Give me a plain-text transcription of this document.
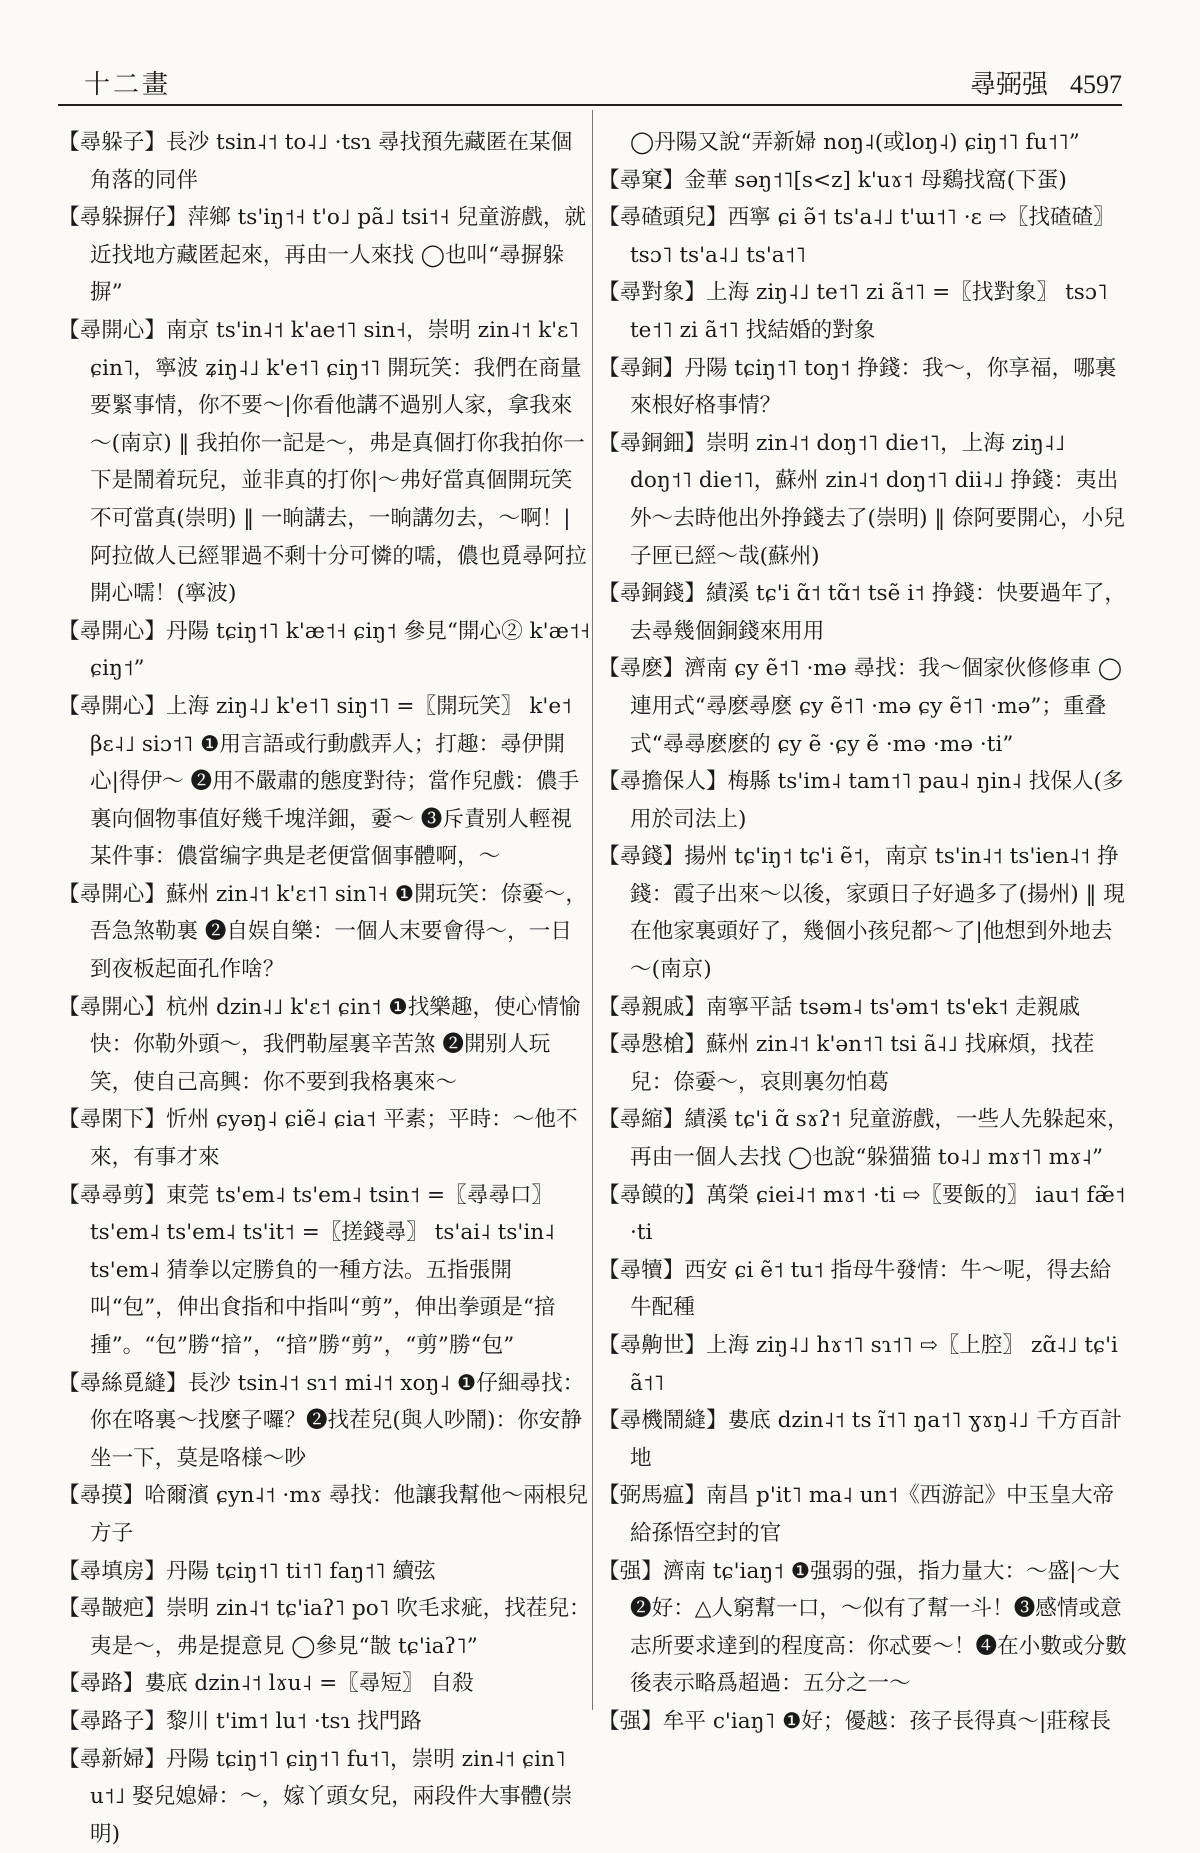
十二畫	尋弼强 4597

【尋躲子】長沙 tsin˨˦ to˨˩ ·tsɿ 尋找預先藏匿在某個角落的同伴

【尋躲摒仔】萍鄉 ts'iŋ˦˧ t'o˩ pã˩ tsi˦˧ 兒童游戲，就近找地方藏匿起來，再由一人來找 ◯也叫“尋摒躲摒”

【尋開心】南京 ts'in˨˦ k'ae˦˥ sin˧，崇明 zin˨˦ k'ɛ˥ ɕin˥，寧波 ʑiŋ˨˩ k'e˦˥ ɕiŋ˦˥ 開玩笑：我們在商量要緊事情，你不要～|你看他講不過别人家，拿我來～(南京) ‖ 我拍你一記是～，弗是真個打你我拍你一下是鬧着玩兒，並非真的打你|～弗好當真個開玩笑不可當真(崇明) ‖ 一晌講去，一晌講勿去，～啊！|阿拉做人已經罪過不剩十分可憐的嚅，儂也覓尋阿拉開心嚅！(寧波)

【尋開心】丹陽 tɕiŋ˦˥ k'æ˦˧ ɕiŋ˦ 參見“開心② k'æ˦˧ ɕiŋ˦”

【尋開心】上海 ziŋ˨˩ k'e˦˥ siŋ˦˥ =〖開玩笑〗 k'e˦ βɛ˨˩ siɔ˦˥ ❶用言語或行動戲弄人；打趣：尋伊開心|得伊～ ❷用不嚴肅的態度對待；當作兒戲：儂手裏向個物事值好幾千塊洋鈿，嫑～ ❸斥責别人輕視某件事：儂當编字典是老便當個事體啊，～

【尋開心】蘇州 zin˨˦ k'ɛ˦˥ sin˥˧ ❶開玩笑：倷嫑～，吾急煞勒裏 ❷自娱自樂：一個人末要會得～，一日到夜板起面孔作啥？

【尋開心】杭州 dzin˨˩ k'ɛ˦ ɕin˦ ❶找樂趣，使心情愉快：你勒外頭～，我們勒屋裏辛苦煞 ❷開别人玩笑，使自己高興：你不要到我格裏來～

【尋閑下】忻州 ɕyəŋ˨ ɕiẽ˨ ɕia˦ 平素；平時：～他不來，有事才來

【尋尋剪】東莞 ts'em˨ ts'em˨ tsin˦ =〖尋尋口〗 ts'em˨ ts'em˨ ts'it˦ =〖搓錢尋〗 ts'ai˨ ts'in˨ ts'em˨ 猜拳以定勝負的一種方法。五指張開叫“包”，伸出食指和中指叫“剪”，伸出拳頭是“揞揰”。“包”勝“揞”，“揞”勝“剪”，“剪”勝“包”

【尋絲覓縫】長沙 tsin˨˦ sɿ˦ mi˨˦ xoŋ˨ ❶仔細尋找：你在咯裏～找麼子囉？❷找茬兒(與人吵鬧)：你安静坐一下，莫是咯様～吵

【尋摸】哈爾濱 ɕyn˨˦ ·mɤ 尋找：他讓我幫他～兩根兒方子

【尋填房】丹陽 tɕiŋ˦˥ ti˦˥ faŋ˦˥ 續弦

【尋皵疤】崇明 zin˨˦ tɕ'iaʔ˥ po˥ 吹毛求疵，找茬兒：夷是～，弗是提意見 ◯參見“皵 tɕ'iaʔ˥”

【尋路】婁底 dzin˨˦ lɤu˨ =〖尋短〗 自殺

【尋路子】黎川 t'im˦ lu˦ ·tsɿ 找門路

【尋新婦】丹陽 tɕiŋ˦˥ ɕiŋ˦˥ fu˦˥，崇明 zin˨˦ ɕin˥ u˦˩ 娶兒媳婦：～，嫁丫頭女兒，兩段件大事體(崇明)

◯丹陽又說“弄新婦 noŋ˨(或loŋ˨) ɕiŋ˦˥ fu˦˥”

【尋窠】金華 səŋ˦˥[s<z] k'uɤ˦ 母鷄找窩(下蛋)

【尋碴頭兒】西寧 ɕi ə̃˦ ts'a˨˩ t'ɯ˦˥ ·ɛ ⇨〖找碴碴〗 tsɔ˥ ts'a˨˩ ts'a˦˥

【尋對象】上海 ziŋ˨˩ te˦˥ zi ã˦˥ =〖找對象〗 tsɔ˥ te˦˥ zi ã˦˥ 找結婚的對象

【尋銅】丹陽 tɕiŋ˦˥ toŋ˦ 挣錢：我～，你享福，哪裏來根好格事情？

【尋銅鈿】崇明 zin˨˦ doŋ˦˥ die˦˥，上海 ziŋ˨˩ doŋ˦˥ die˦˥，蘇州 zin˨˦ doŋ˦˥ dii˨˩ 挣錢：夷出外～去時他出外挣錢去了(崇明) ‖ 倷阿要開心，小兒子匣已經～哉(蘇州)

【尋銅錢】績溪 tɕ'i ɑ̃˦ tɑ̃˦ tsẽ i˦ 挣錢：快要過年了，去尋幾個銅錢來用用

【尋麽】濟南 ɕy ẽ˦˥ ·mə 尋找：我～個家伙修修車 ◯連用式“尋麽尋麽 ɕy ẽ˦˥ ·mə ɕy ẽ˦˥ ·mə”；重叠式“尋尋麽麽的 ɕy ẽ ·ɕy ẽ ·mə ·mə ·ti”

【尋擔保人】梅縣 ts'im˨ tam˦˥ pau˨ ŋin˨ 找保人(多用於司法上)

【尋錢】揚州 tɕ'iŋ˦ tɕ'i ẽ˦，南京 ts'in˨˦ ts'ien˨˦ 挣錢：霞子出來～以後，家頭日子好過多了(揚州) ‖ 現在他家裏頭好了，幾個小孩兒都～了|他想到外地去～(南京)

【尋親戚】南寧平話 tsəm˨ ts'əm˦ ts'ek˦ 走親戚

【尋慇槍】蘇州 zin˨˦ k'ən˦˥ tsi ã˨˩ 找麻煩，找茬兒：倷嫑～，哀則裏勿怕葛

【尋縮】績溪 tɕ'i ɑ̃ sɤʔ˦ 兒童游戲，一些人先躲起來，再由一個人去找 ◯也說“躲猫猫 to˨˩ mɤ˦˥ mɤ˨”

【尋饃的】萬榮 ɕiei˨˦ mɤ˦ ·ti ⇨〖要飯的〗 iau˦ fæ̃˦ ·ti

【尋犢】西安 ɕi ẽ˦ tu˦ 指母牛發情：牛～呢，得去給牛配種

【尋齁世】上海 ziŋ˨˩ hɤ˦˥ sɿ˦˥ ⇨〖上腔〗 zɑ̃˨˩ tɕ'i ã˦˥

【尋機鬧縫】婁底 dzin˨˦ ts ĩ˦˥ ŋa˦˥ ɣɤŋ˨˩ 千方百計地

【弼馬瘟】南昌 p'it˥ ma˨ un˦《西游記》中玉皇大帝給孫悟空封的官

【强】濟南 tɕ'iaŋ˦ ❶强弱的强，指力量大：～盛|～大 ❷好：△人窮幫一口，～似有了幫一斗！❸感情或意志所要求達到的程度高：你忒要～！❹在小數或分數後表示略爲超過：五分之一～

【强】牟平 c'iaŋ˥ ❶好；優越：孩子長得真～|莊稼長
